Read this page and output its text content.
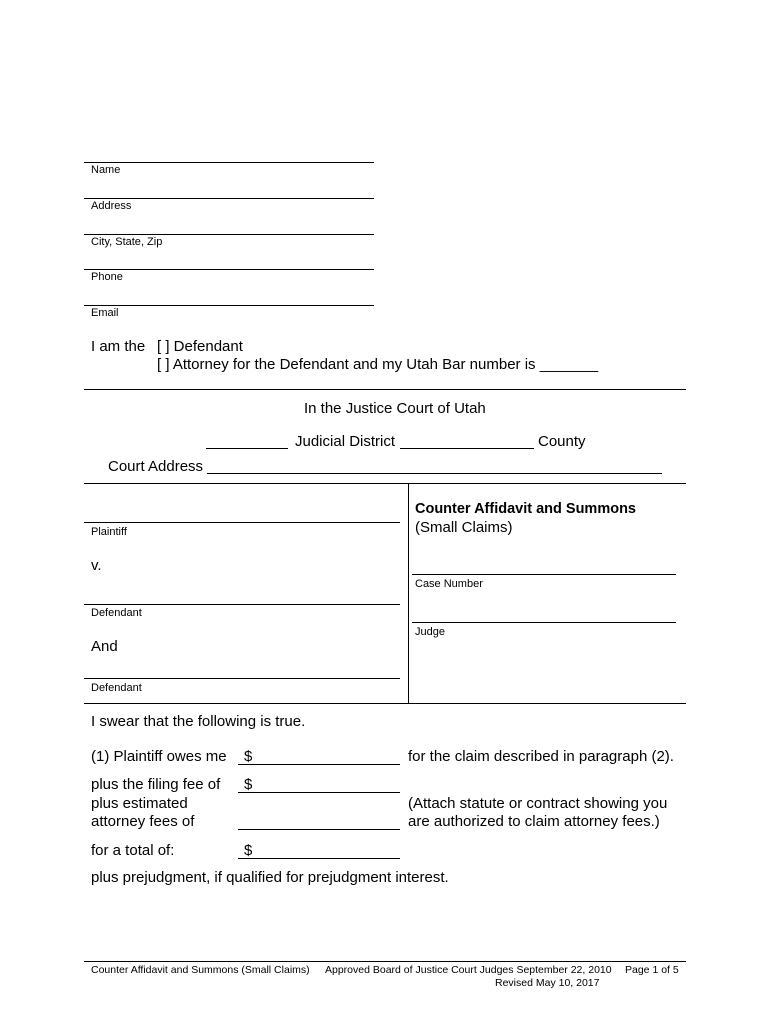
Name
Address
City, State, Zip
Phone
Email
I am the [ ] Defendant
[ ] Attorney for the Defendant and my Utah Bar number is _______
In the Justice Court of Utah
Judicial District	County
Court Address
Plaintiff
v.
Defendant
And
Defendant
Counter Affidavit and Summons
(Small Claims)
Case Number
Judge
I swear that the following is true.
(1) Plaintiff owes me $	for the claim described in paragraph (2).
plus the filing fee of $
plus estimated
attorney fees of
(Attach statute or contract showing you
are authorized to claim attorney fees.)
for a total of:	$
plus prejudgment, if qualified for prejudgment interest.
Counter Affidavit and Summons (Small Claims) Approved Board of Justice Court Judges September 22, 2010
Revised May 10, 2017
Page 1 of 5
